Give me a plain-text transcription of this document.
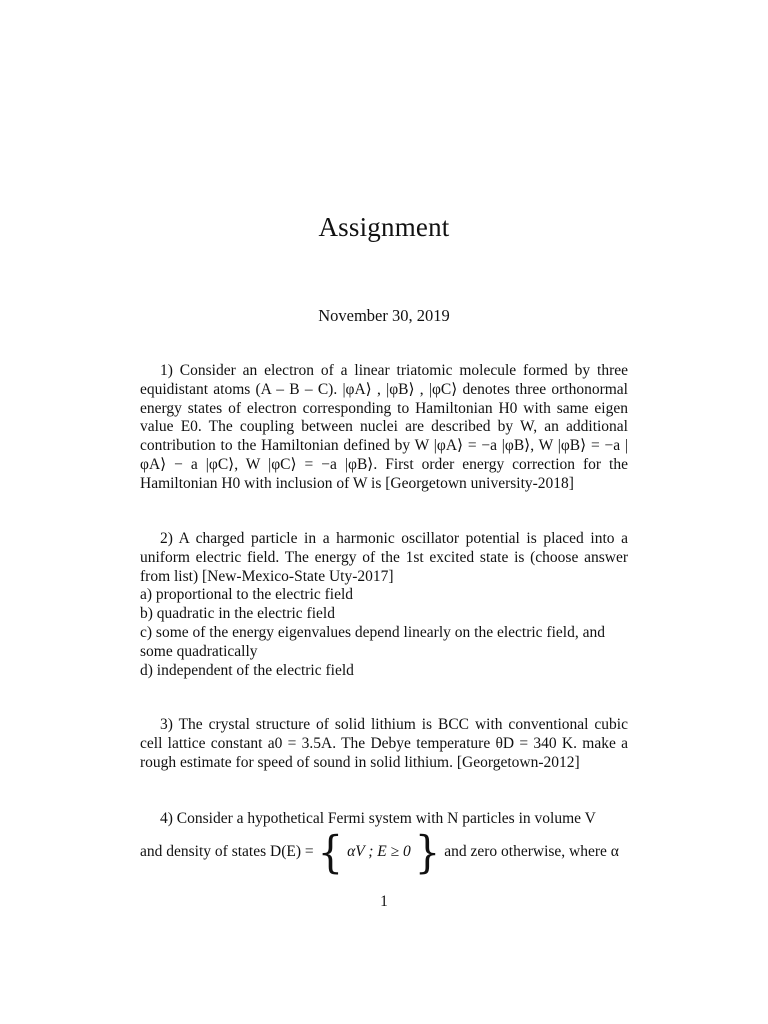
Assignment
November 30, 2019

1) Consider an electron of a linear triatomic molecule formed by three equidistant atoms (A – B – C). |φA⟩ , |φB⟩ , |φC⟩ denotes three orthonormal energy states of electron corresponding to Hamiltonian H0 with same eigen value E0. The coupling between nuclei are described by W, an additional contribution to the Hamiltonian defined by W |φA⟩ = −a |φB⟩, W |φB⟩ = −a |φA⟩ − a |φC⟩, W |φC⟩ = −a |φB⟩. First order energy correction for the Hamiltonian H0 with inclusion of W is [Georgetown university-2018]

2) A charged particle in a harmonic oscillator potential is placed into a uniform electric field. The energy of the 1st excited state is (choose answer from list) [New-Mexico-State Uty-2017]

a) proportional to the electric field
b) quadratic in the electric field
c) some of the energy eigenvalues depend linearly on the electric field, and some quadratically
d) independent of the electric field

3) The crystal structure of solid lithium is BCC with conventional cubic cell lattice constant a0 = 3.5A. The Debye temperature θD = 340 K. make a rough estimate for speed of sound in solid lithium. [Georgetown-2012]

4) Consider a hypothetical Fermi system with N particles in volume V

and density of states D(E) = { αV ; E ≥ 0 } and zero otherwise, where α
1
